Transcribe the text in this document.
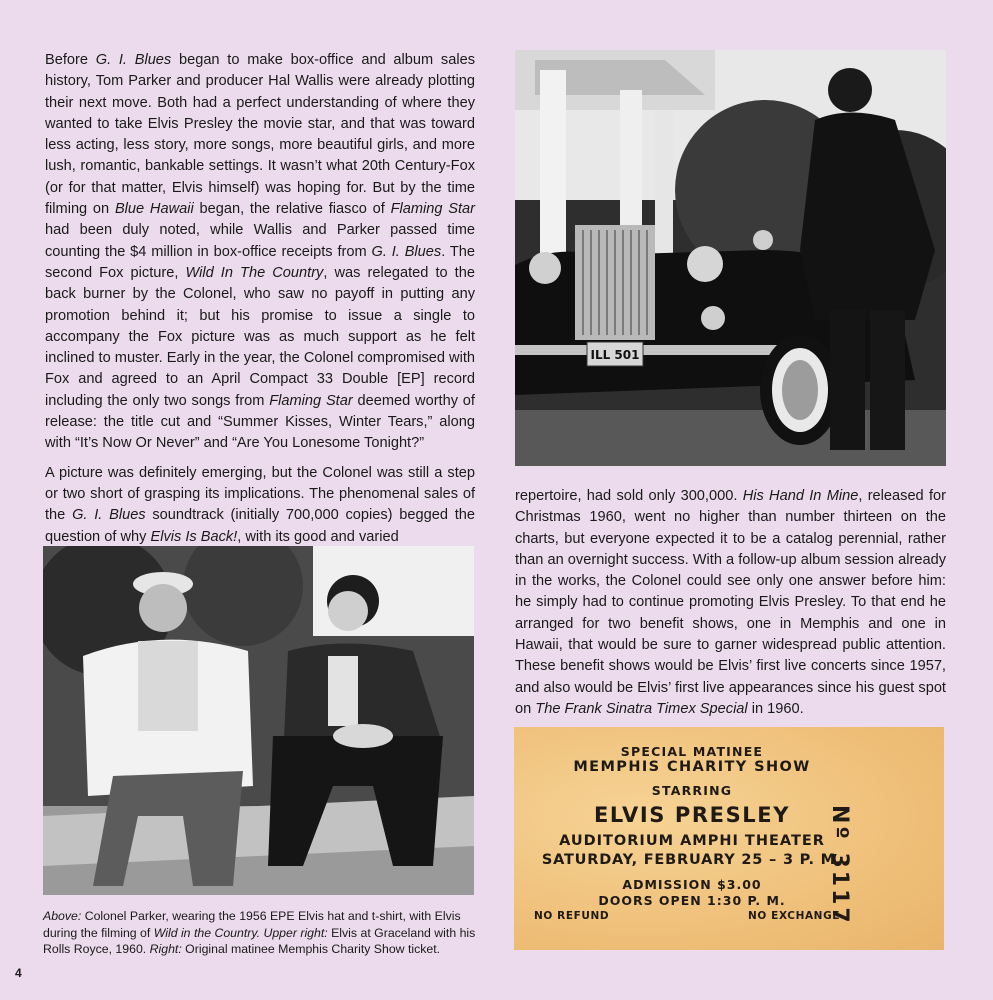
Before G. I. Blues began to make box-office and album sales history, Tom Parker and producer Hal Wallis were already plotting their next move. Both had a perfect understanding of where they wanted to take Elvis Presley the movie star, and that was toward less acting, less story, more songs, more beautiful girls, and more lush, romantic, bankable settings. It wasn’t what 20th Century-Fox (or for that matter, Elvis himself) was hoping for. But by the time filming on Blue Hawaii began, the relative fiasco of Flaming Star had been duly noted, while Wallis and Parker passed time counting the $4 million in box-office receipts from G. I. Blues. The second Fox picture, Wild In The Country, was relegated to the back burner by the Colonel, who saw no payoff in putting any promotion behind it; but his promise to issue a single to accompany the Fox picture was as much support as he felt inclined to muster. Early in the year, the Colonel compromised with Fox and agreed to an April Compact 33 Double [EP] record including the only two songs from Flaming Star deemed worthy of release: the title cut and “Summer Kisses, Winter Tears,” along with “It’s Now Or Never” and “Are You Lonesome Tonight?”

A picture was definitely emerging, but the Colonel was still a step or two short of grasping its implications. The phenomenal sales of the G. I. Blues soundtrack (initially 700,000 copies) begged the question of why Elvis Is Back!, with its good and varied

ILL 501

repertoire, had sold only 300,000. His Hand In Mine, released for Christmas 1960, went no higher than number thirteen on the charts, but everyone expected it to be a catalog perennial, rather than an overnight success. With a follow-up album session already in the works, the Colonel could see only one answer before him: he simply had to continue promoting Elvis Presley. To that end he arranged for two benefit shows, one in Memphis and one in Hawaii, that would be sure to garner widespread public attention. These benefit shows would be Elvis’ first live concerts since 1957, and also would be Elvis’ first live appearances since his guest spot on The Frank Sinatra Timex Special in 1960.

Above: Colonel Parker, wearing the 1956 EPE Elvis hat and t-shirt, with Elvis during the filming of Wild in the Country. Upper right: Elvis at Graceland with his Rolls Royce, 1960. Right: Original matinee Memphis Charity Show ticket.

SPECIAL MATINEE
MEMPHIS CHARITY SHOW
STARRING
ELVIS PRESLEY
AUDITORIUM AMPHI THEATER
SATURDAY, FEBRUARY 25 – 3 P. M.
ADMISSION $3.00
DOORS OPEN 1:30 P. M.
NO REFUND	NO EXCHANGE
Nº 3117
4
